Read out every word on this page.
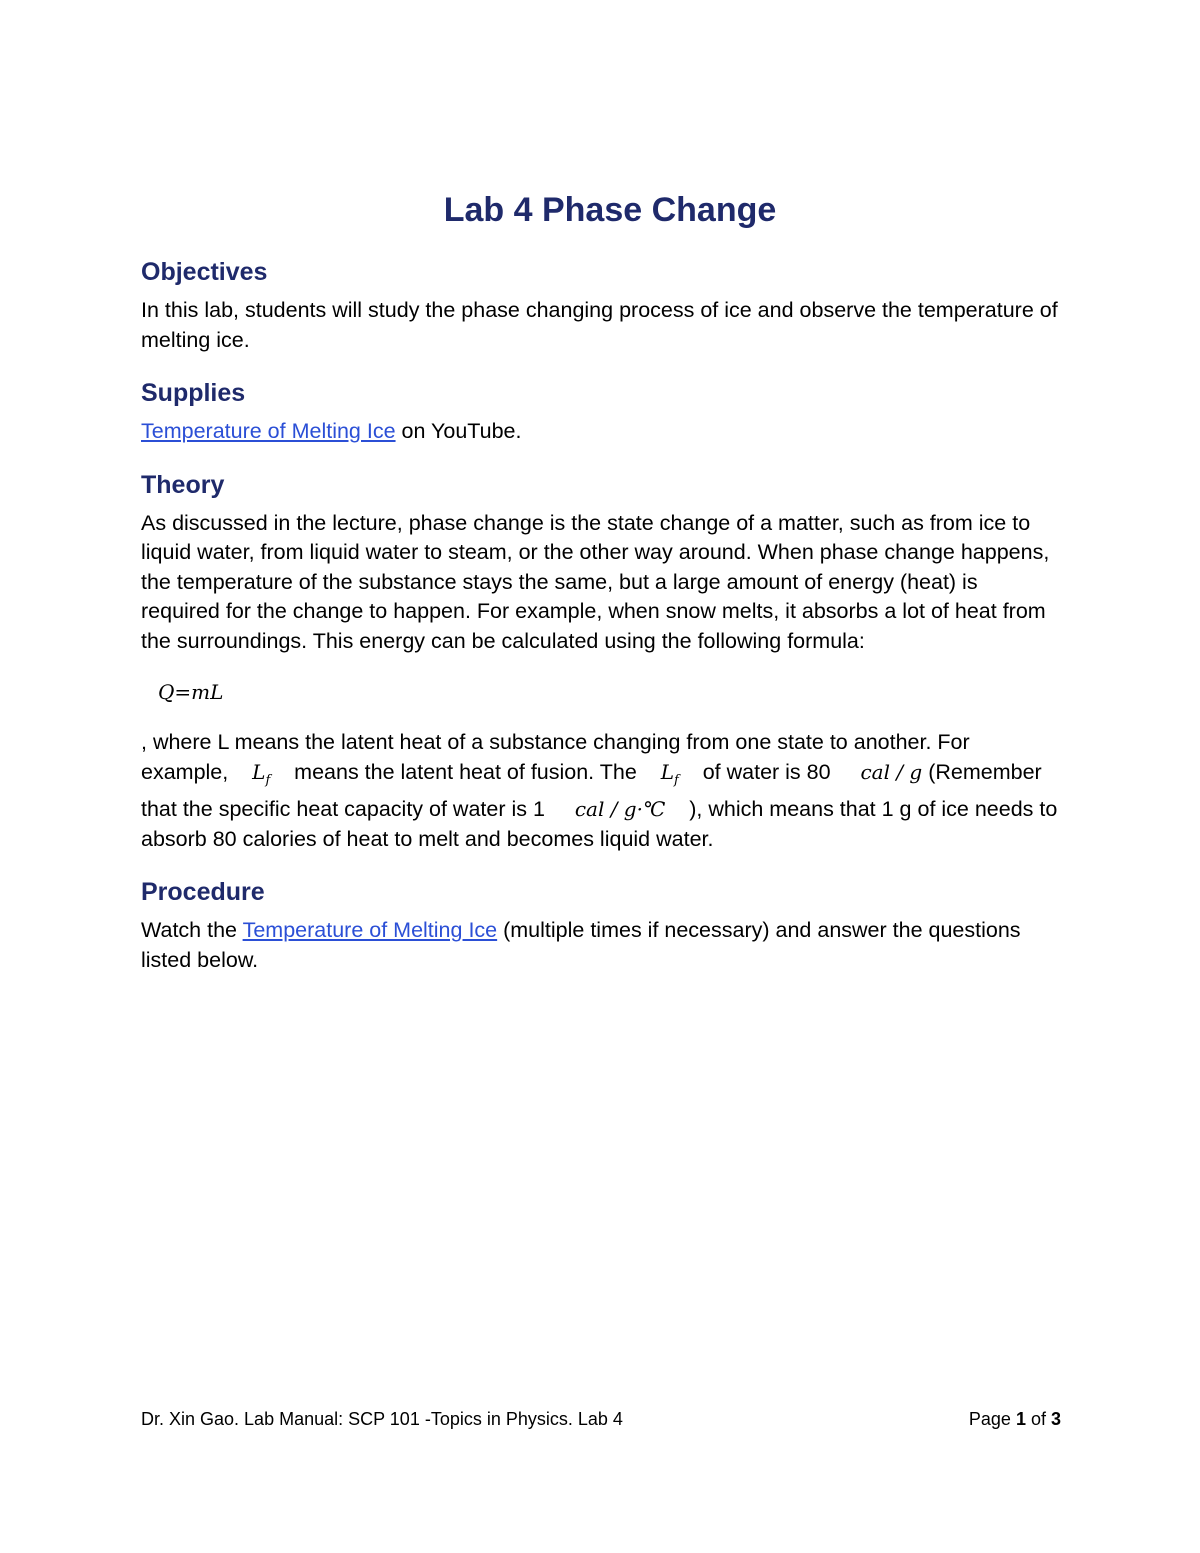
Lab 4 Phase Change
Objectives

In this lab, students will study the phase changing process of ice and observe the temperature of melting ice.

Supplies

Temperature of Melting Ice on YouTube.

Theory

As discussed in the lecture, phase change is the state change of a matter, such as from ice to liquid water, from liquid water to steam, or the other way around. When phase change happens, the temperature of the substance stays the same, but a large amount of energy (heat) is required for the change to happen. For example, when snow melts, it absorbs a lot of heat from the surroundings. This energy can be calculated using the following formula:

Q=mL

, where L means the latent heat of a substance changing from one state to another. For example, $L_f$ means the latent heat of fusion. The $L_f$ of water is 80 cal / g (Remember that the specific heat capacity of water is 1 cal / g·℃ ), which means that 1 g of ice needs to absorb 80 calories of heat to melt and becomes liquid water.

Procedure

Watch the Temperature of Melting Ice (multiple times if necessary) and answer the questions listed below.

Dr. Xin Gao. Lab Manual: SCP 101 -Topics in Physics. Lab 4	Page 1 of 3
